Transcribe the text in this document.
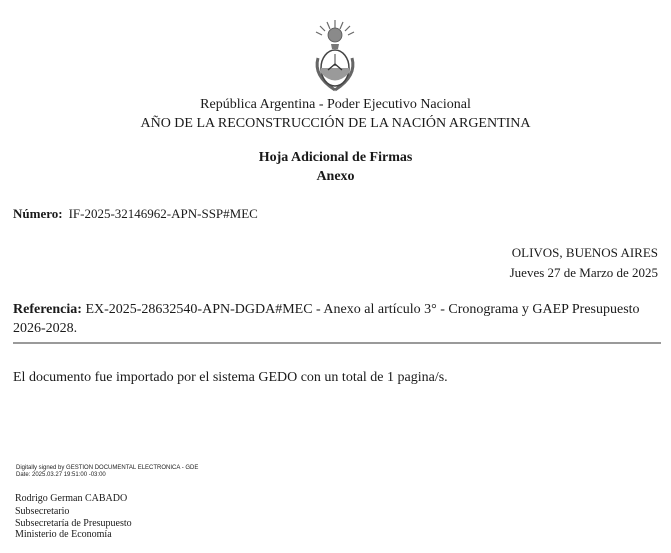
República Argentina - Poder Ejecutivo Nacional
AÑO DE LA RECONSTRUCCIÓN DE LA NACIÓN ARGENTINA
Hoja Adicional de Firmas
Anexo
Número: IF-2025-32146962-APN-SSP#MEC
OLIVOS, BUENOS AIRES
Jueves 27 de Marzo de 2025
Referencia: EX-2025-28632540-APN-DGDA#MEC - Anexo al artículo 3° - Cronograma y GAEP Presupuesto 2026-2028.
El documento fue importado por el sistema GEDO con un total de 1 pagina/s.
Digitally signed by GESTION DOCUMENTAL ELECTRONICA - GDE
Date: 2025.03.27 19:51:00 -03:00
Rodrigo German CABADO
Subsecretario
Subsecretaría de Presupuesto
Ministerio de Economía
